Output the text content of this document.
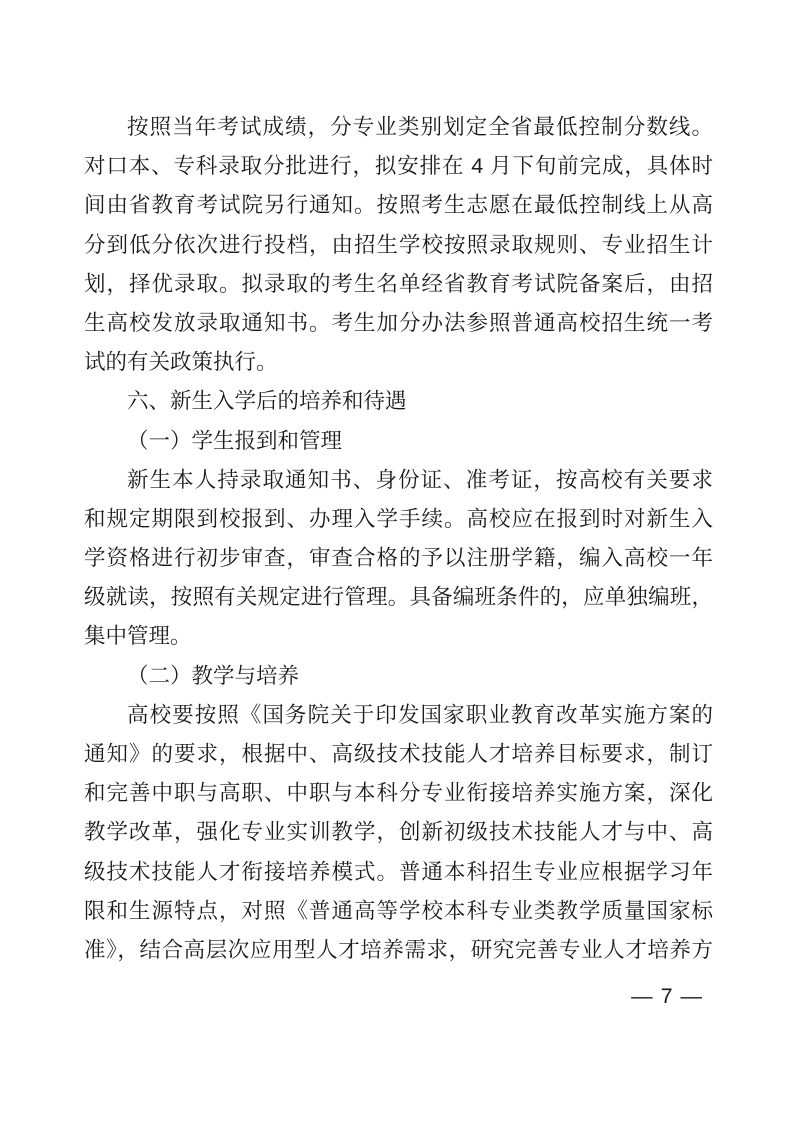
按照当年考试成绩，分专业类别划定全省最低控制分数线。
对口本、专科录取分批进行，拟安排在 4 月下旬前完成，具体时
间由省教育考试院另行通知。按照考生志愿在最低控制线上从高
分到低分依次进行投档，由招生学校按照录取规则、专业招生计
划，择优录取。拟录取的考生名单经省教育考试院备案后，由招
生高校发放录取通知书。考生加分办法参照普通高校招生统一考
试的有关政策执行。
六、新生入学后的培养和待遇
（一）学生报到和管理
新生本人持录取通知书、身份证、准考证，按高校有关要求
和规定期限到校报到、办理入学手续。高校应在报到时对新生入
学资格进行初步审查，审查合格的予以注册学籍，编入高校一年
级就读，按照有关规定进行管理。具备编班条件的，应单独编班，
集中管理。
（二）教学与培养
高校要按照《国务院关于印发国家职业教育改革实施方案的
通知》的要求，根据中、高级技术技能人才培养目标要求，制订
和完善中职与高职、中职与本科分专业衔接培养实施方案，深化
教学改革，强化专业实训教学，创新初级技术技能人才与中、高
级技术技能人才衔接培养模式。普通本科招生专业应根据学习年
限和生源特点，对照《普通高等学校本科专业类教学质量国家标
准》，结合高层次应用型人才培养需求，研究完善专业人才培养方
— 7 —
